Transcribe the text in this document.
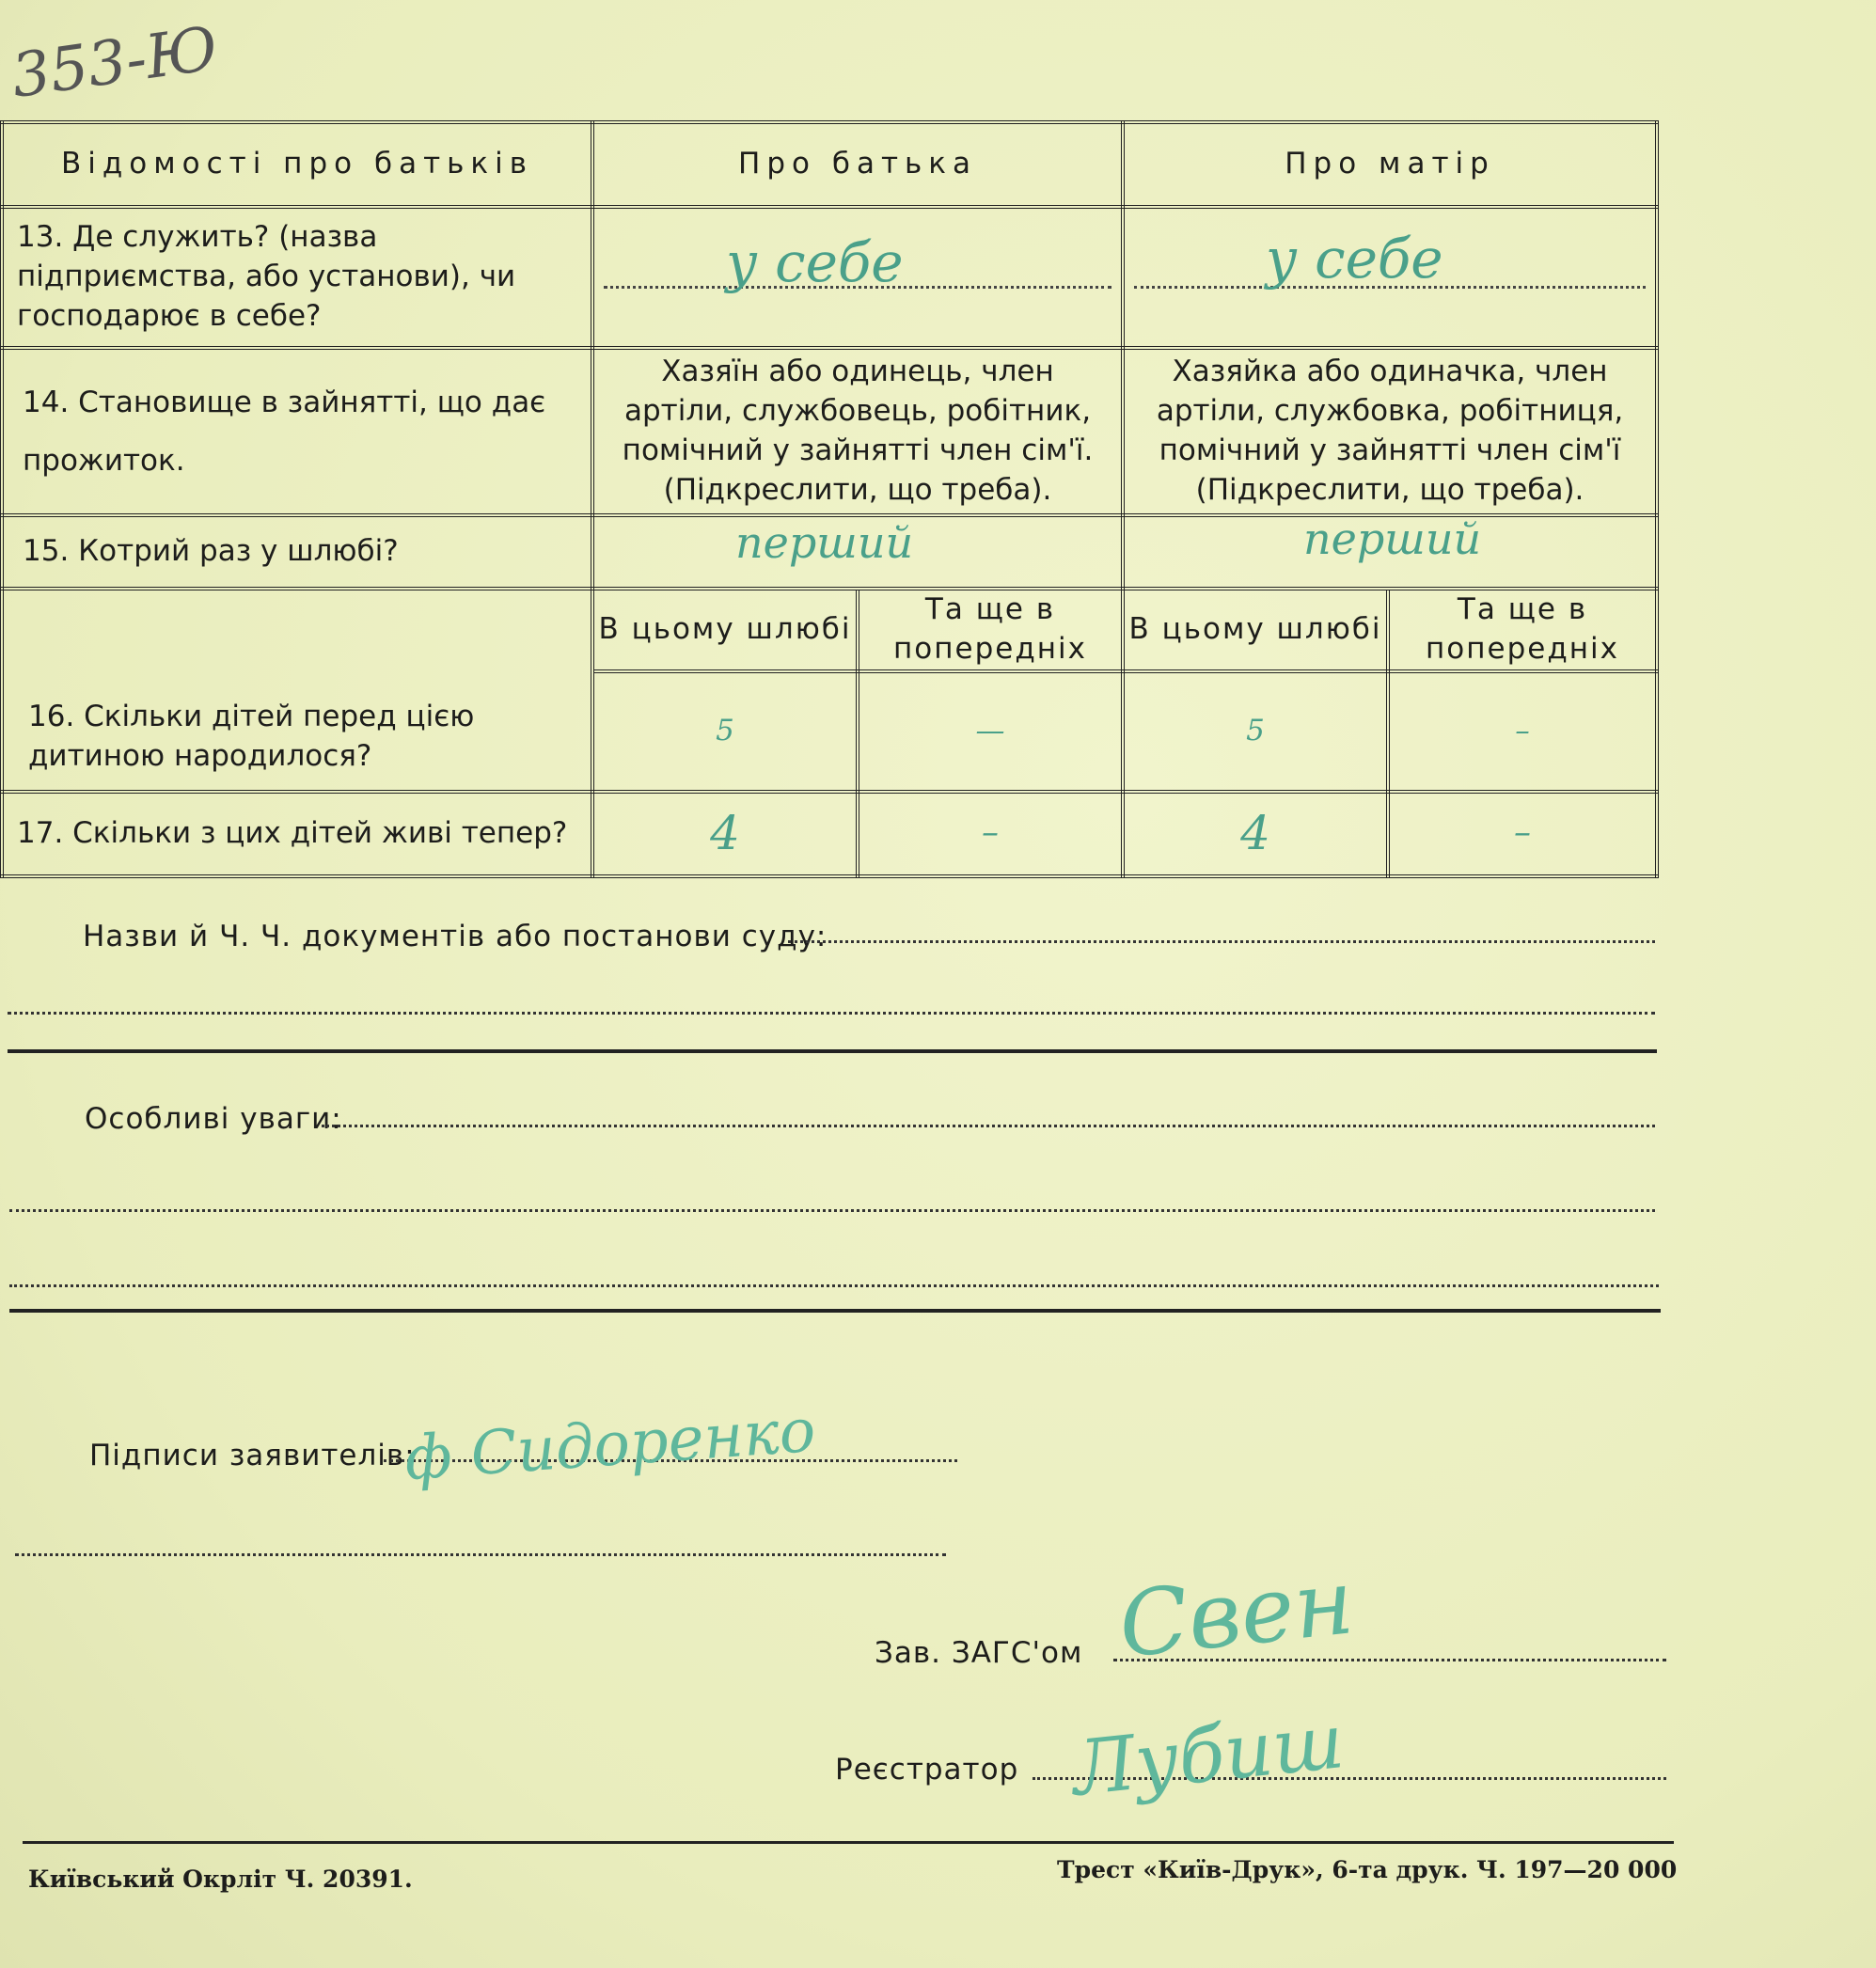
353-Ю
Відомості про батьків	Про батька		Про матір	
13. Де служить? (назва підприємства, або установи), чи господарює в себе?	у себе		у себе	

14. Становище в зайнятті, що дає прожиток.	Хазяїн або одинець, член артіли, службовець, робітник, помічний у зайнятті член сім'ї. (Підкреслити, що треба).		Хазяйка або одиначка, член артіли, службовка, робітниця, помічний у зайнятті член сім'ї (Підкреслити, що треба).	
15. Котрий раз у шлюбі?	перший		перший	

16. Скільки дітей перед цією дитиною народилося?	В цьому шлюбі	Та ще в попередніх	В цьому шлюбі	Та ще в попередніх
	5	—	5	–
17. Скільки з цих дітей живі тепер?	4	–	4	–
Назви й Ч. Ч. документів або постанови суду:
Особливі уваги:
Підписи заявителів:
ф Сидоренко
Зав. ЗАГС'ом Свен
Реєстратор Лубиш
Київський Окрліт Ч. 20391.	Трест «Київ-Друк», 6-та друк. Ч. 197—20 000
